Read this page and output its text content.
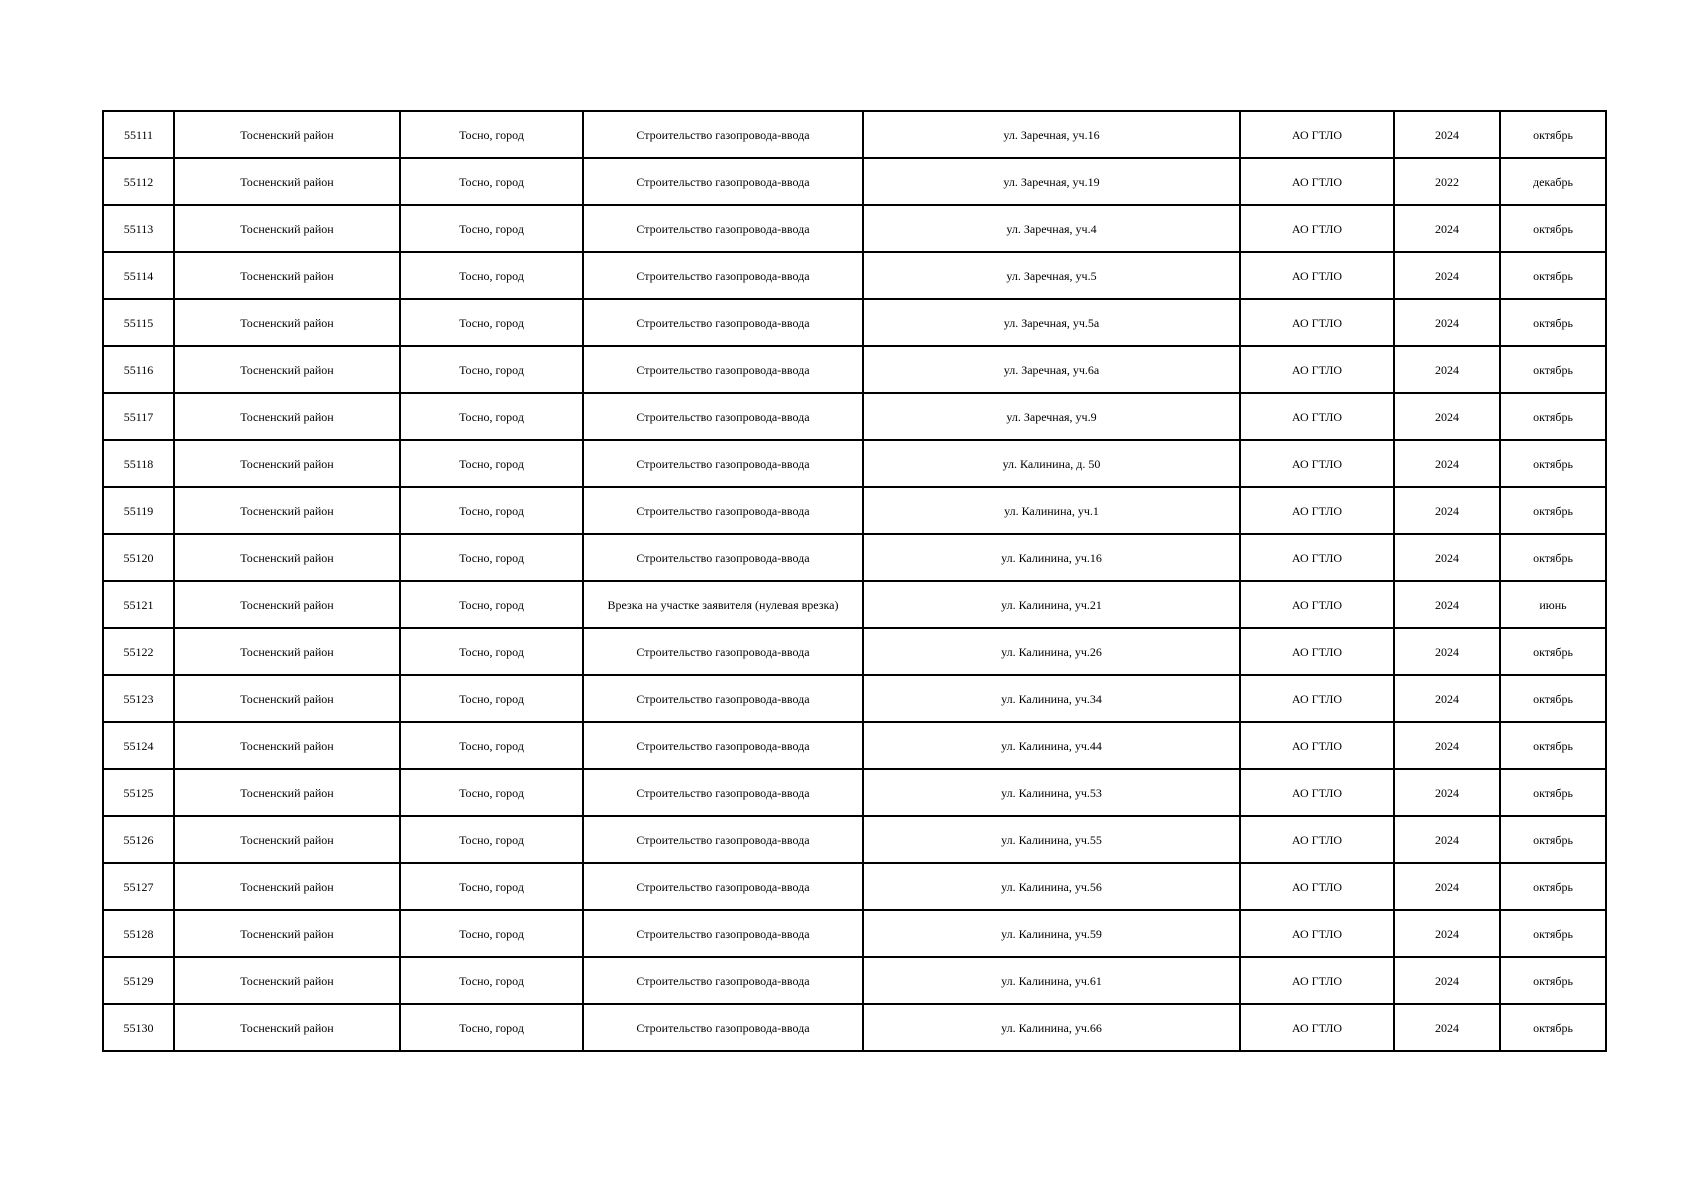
55111	Тосненский район	Тосно, город	Строительство газопровода-ввода	ул. Заречная, уч.16	АО ГТЛО	2024	октябрь
55112	Тосненский район	Тосно, город	Строительство газопровода-ввода	ул. Заречная, уч.19	АО ГТЛО	2022	декабрь
55113	Тосненский район	Тосно, город	Строительство газопровода-ввода	ул. Заречная, уч.4	АО ГТЛО	2024	октябрь
55114	Тосненский район	Тосно, город	Строительство газопровода-ввода	ул. Заречная, уч.5	АО ГТЛО	2024	октябрь
55115	Тосненский район	Тосно, город	Строительство газопровода-ввода	ул. Заречная, уч.5а	АО ГТЛО	2024	октябрь
55116	Тосненский район	Тосно, город	Строительство газопровода-ввода	ул. Заречная, уч.6а	АО ГТЛО	2024	октябрь
55117	Тосненский район	Тосно, город	Строительство газопровода-ввода	ул. Заречная, уч.9	АО ГТЛО	2024	октябрь
55118	Тосненский район	Тосно, город	Строительство газопровода-ввода	ул. Калинина, д. 50	АО ГТЛО	2024	октябрь
55119	Тосненский район	Тосно, город	Строительство газопровода-ввода	ул. Калинина, уч.1	АО ГТЛО	2024	октябрь
55120	Тосненский район	Тосно, город	Строительство газопровода-ввода	ул. Калинина, уч.16	АО ГТЛО	2024	октябрь
55121	Тосненский район	Тосно, город	Врезка на участке заявителя (нулевая врезка)	ул. Калинина, уч.21	АО ГТЛО	2024	июнь
55122	Тосненский район	Тосно, город	Строительство газопровода-ввода	ул. Калинина, уч.26	АО ГТЛО	2024	октябрь
55123	Тосненский район	Тосно, город	Строительство газопровода-ввода	ул. Калинина, уч.34	АО ГТЛО	2024	октябрь
55124	Тосненский район	Тосно, город	Строительство газопровода-ввода	ул. Калинина, уч.44	АО ГТЛО	2024	октябрь
55125	Тосненский район	Тосно, город	Строительство газопровода-ввода	ул. Калинина, уч.53	АО ГТЛО	2024	октябрь
55126	Тосненский район	Тосно, город	Строительство газопровода-ввода	ул. Калинина, уч.55	АО ГТЛО	2024	октябрь
55127	Тосненский район	Тосно, город	Строительство газопровода-ввода	ул. Калинина, уч.56	АО ГТЛО	2024	октябрь
55128	Тосненский район	Тосно, город	Строительство газопровода-ввода	ул. Калинина, уч.59	АО ГТЛО	2024	октябрь
55129	Тосненский район	Тосно, город	Строительство газопровода-ввода	ул. Калинина, уч.61	АО ГТЛО	2024	октябрь
55130	Тосненский район	Тосно, город	Строительство газопровода-ввода	ул. Калинина, уч.66	АО ГТЛО	2024	октябрь
